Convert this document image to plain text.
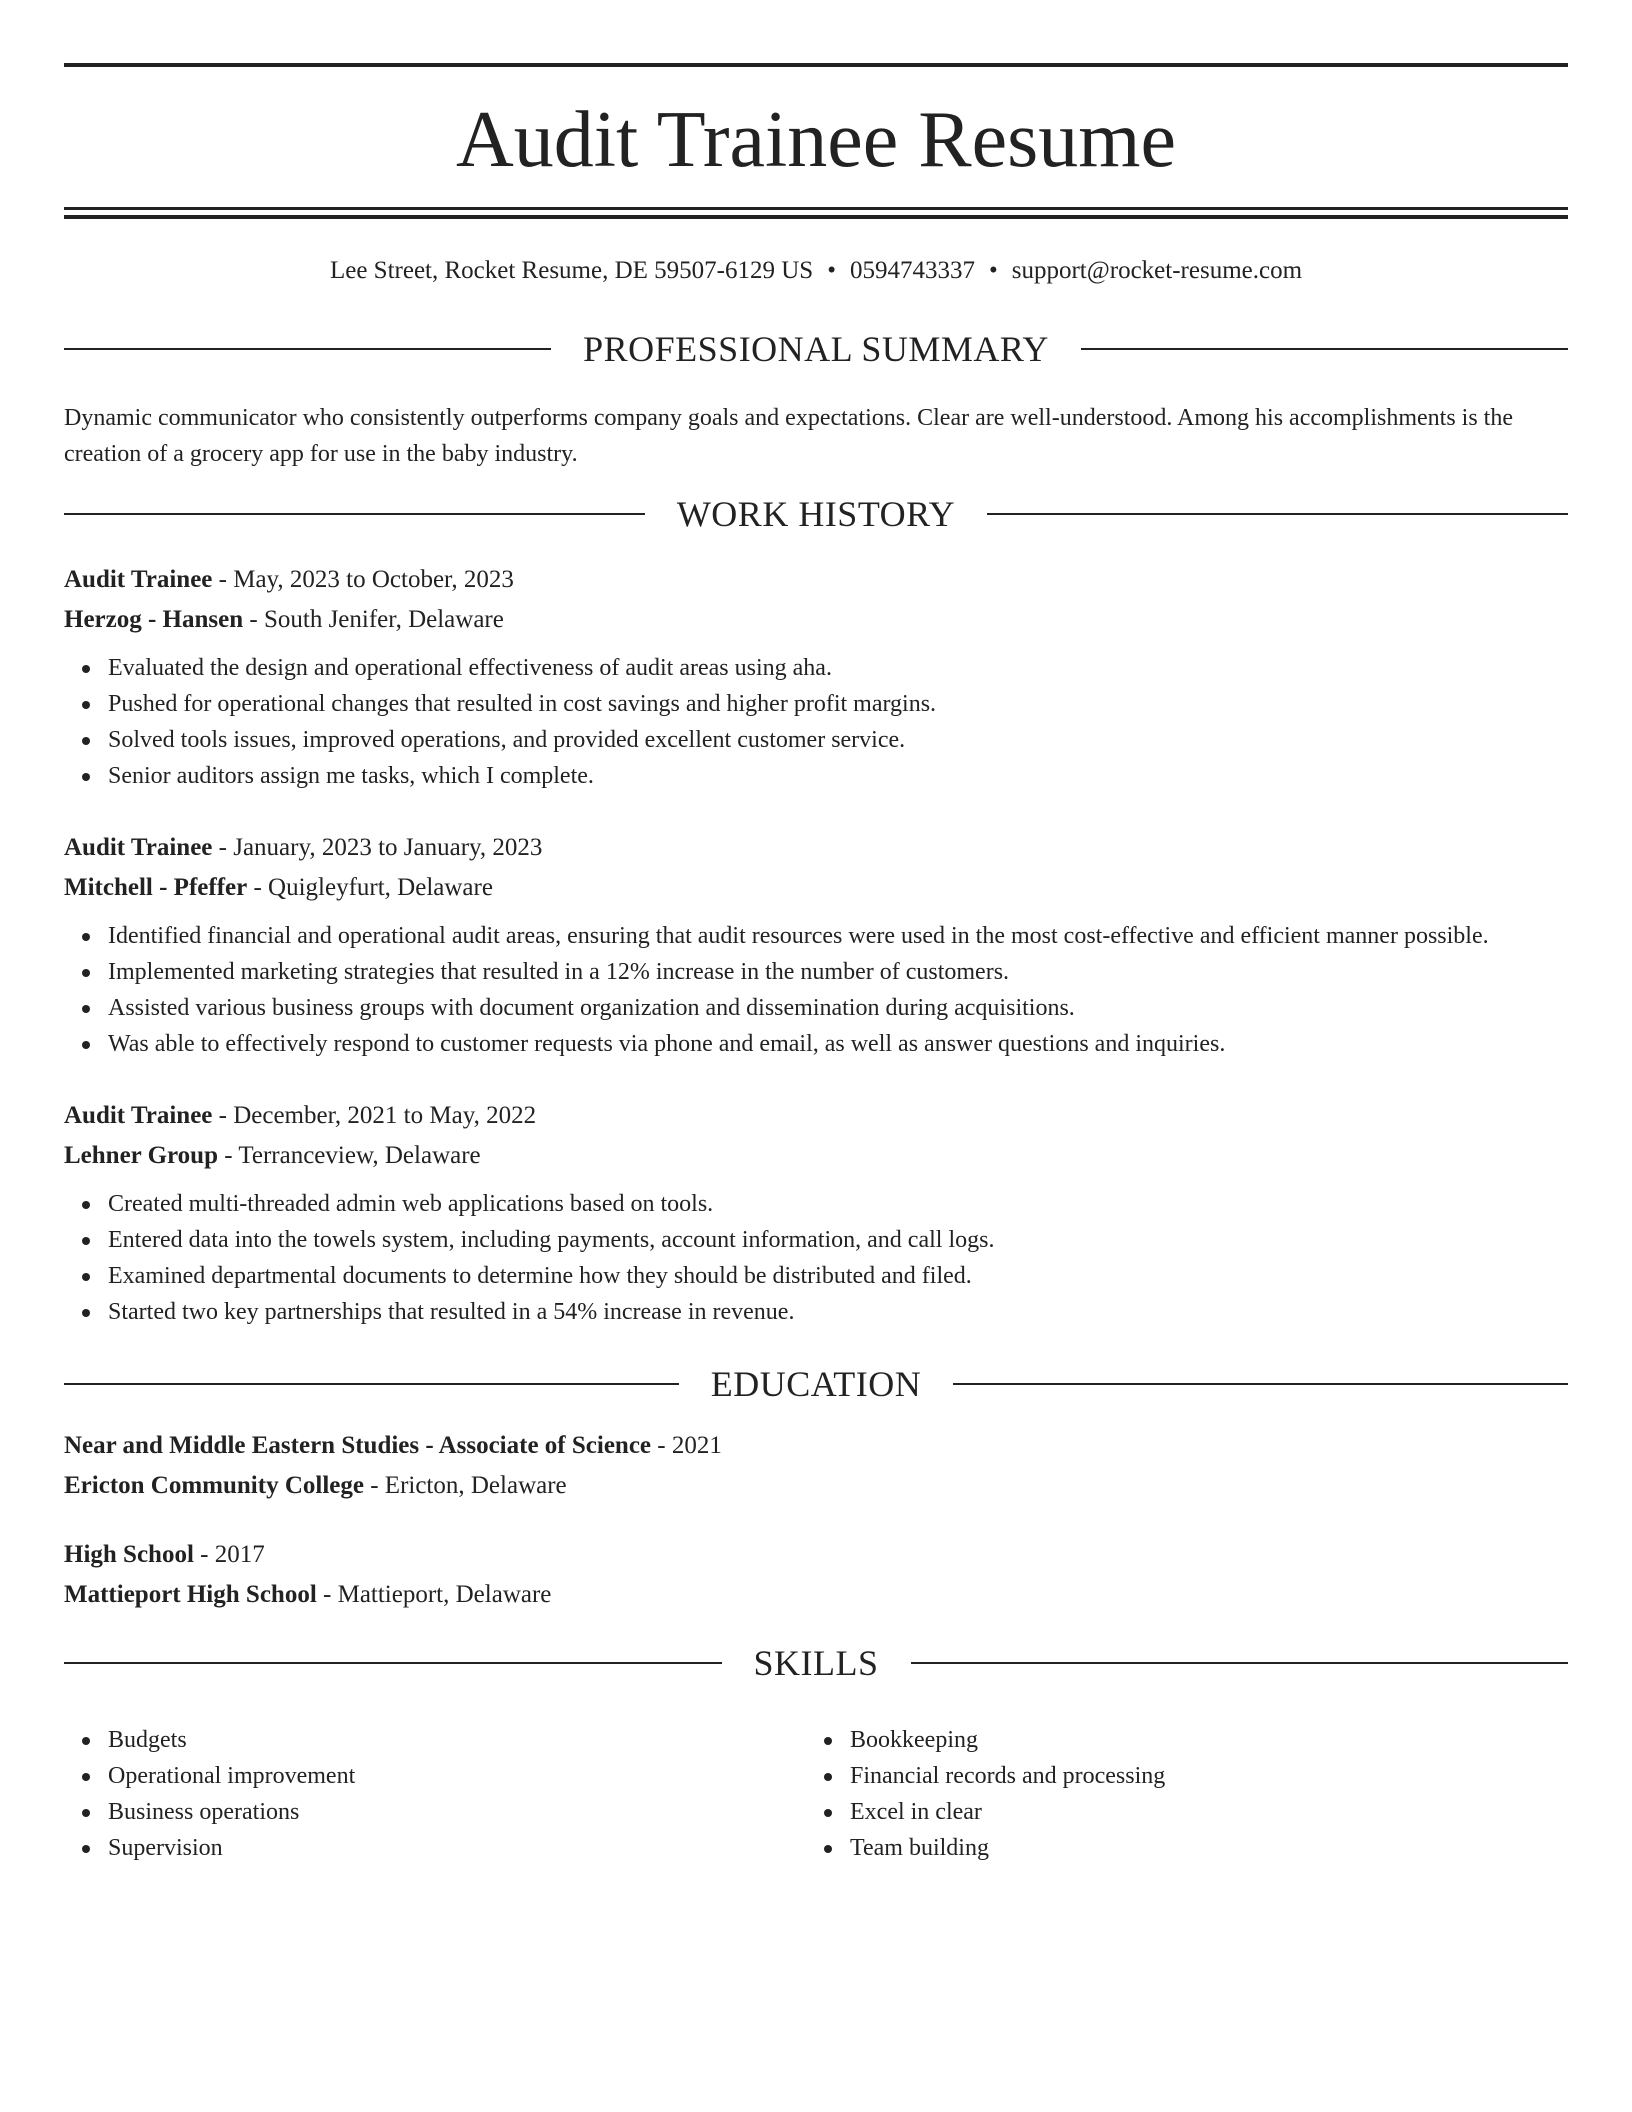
Audit Trainee Resume
Lee Street, Rocket Resume, DE 59507-6129 US • 0594743337 • support@rocket-resume.com
PROFESSIONAL SUMMARY

Dynamic communicator who consistently outperforms company goals and expectations. Clear are well-understood. Among his accomplishments is the creation of a grocery app for use in the baby industry.

WORK HISTORY
Audit Trainee - May, 2023 to October, 2023
Herzog - Hansen - South Jenifer, Delaware
Evaluated the design and operational effectiveness of audit areas using aha.
Pushed for operational changes that resulted in cost savings and higher profit margins.
Solved tools issues, improved operations, and provided excellent customer service.
Senior auditors assign me tasks, which I complete.
Audit Trainee - January, 2023 to January, 2023
Mitchell - Pfeffer - Quigleyfurt, Delaware
Identified financial and operational audit areas, ensuring that audit resources were used in the most cost-effective and efficient manner possible.
Implemented marketing strategies that resulted in a 12% increase in the number of customers.
Assisted various business groups with document organization and dissemination during acquisitions.
Was able to effectively respond to customer requests via phone and email, as well as answer questions and inquiries.
Audit Trainee - December, 2021 to May, 2022
Lehner Group - Terranceview, Delaware
Created multi-threaded admin web applications based on tools.
Entered data into the towels system, including payments, account information, and call logs.
Examined departmental documents to determine how they should be distributed and filed.
Started two key partnerships that resulted in a 54% increase in revenue.
EDUCATION
Near and Middle Eastern Studies - Associate of Science - 2021
Ericton Community College - Ericton, Delaware
High School - 2017
Mattieport High School - Mattieport, Delaware
SKILLS
Budgets
Operational improvement
Business operations
Supervision
Bookkeeping
Financial records and processing
Excel in clear
Team building
